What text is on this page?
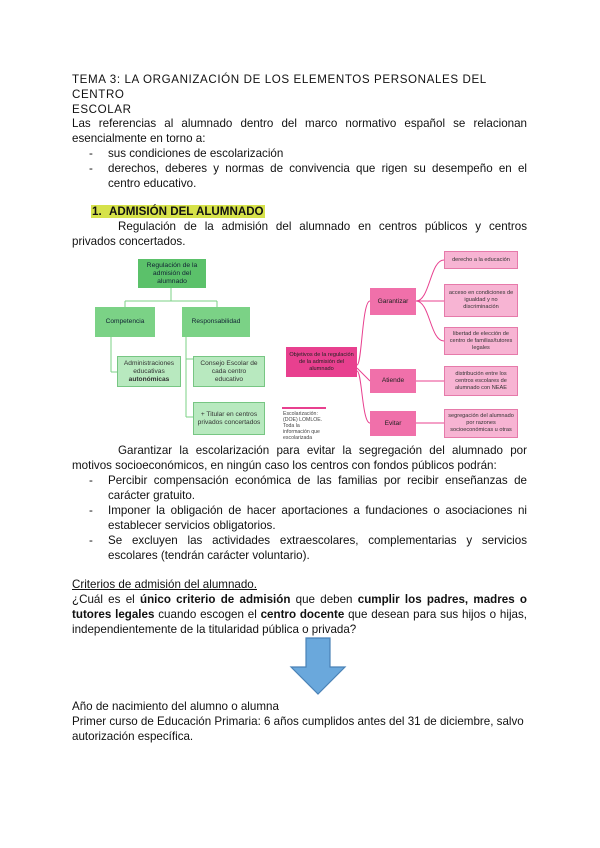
TEMA 3: LA ORGANIZACIÓN DE LOS ELEMENTOS PERSONALES DEL CENTRO
ESCOLAR
Las referencias al alumnado dentro del marco normativo español se relacionan esencialmente en torno a:
- sus condiciones de escolarización
- derechos, deberes y normas de convivencia que rigen su desempeño en el centro educativo.
1. ADMISIÓN DEL ALUMNADO
Regulación de la admisión del alumnado en centros públicos y centros privados concertados.
Regulación de la admisión del alumnado
Competencia	Responsabilidad
Administraciones educativas autonómicas
Consejo Escolar de cada centro educativo
+ Titular en centros privados concertados
Objetivos de la regulación de la admisión del alumnado
Garantizar
Atiende
Evitar
derecho a la educación
acceso en condiciones de igualdad y no discriminación
libertad de elección de centro de familias/tutores legales
distribución entre los centros escolares de alumnado con NEAE
segregación del alumnado por razones socioeconómicas u otras
Escolarización: (DOE) LOMLOE. Toda la información que escolarizada
Garantizar la escolarización para evitar la segregación del alumnado por motivos socioeconómicos, en ningún caso los centros con fondos públicos podrán:
- Percibir compensación económica de las familias por recibir enseñanzas de carácter gratuito.
- Imponer la obligación de hacer aportaciones a fundaciones o asociaciones ni establecer servicios obligatorios.
- Se excluyen las actividades extraescolares, complementarias y servicios escolares (tendrán carácter voluntario).
Criterios de admisión del alumnado.
¿Cuál es el único criterio de admisión que deben cumplir los padres, madres o tutores legales cuando escogen el centro docente que desean para sus hijos o hijas, independientemente de la titularidad pública o privada?
Año de nacimiento del alumno o alumna
Primer curso de Educación Primaria: 6 años cumplidos antes del 31 de diciembre, salvo autorización específica.
